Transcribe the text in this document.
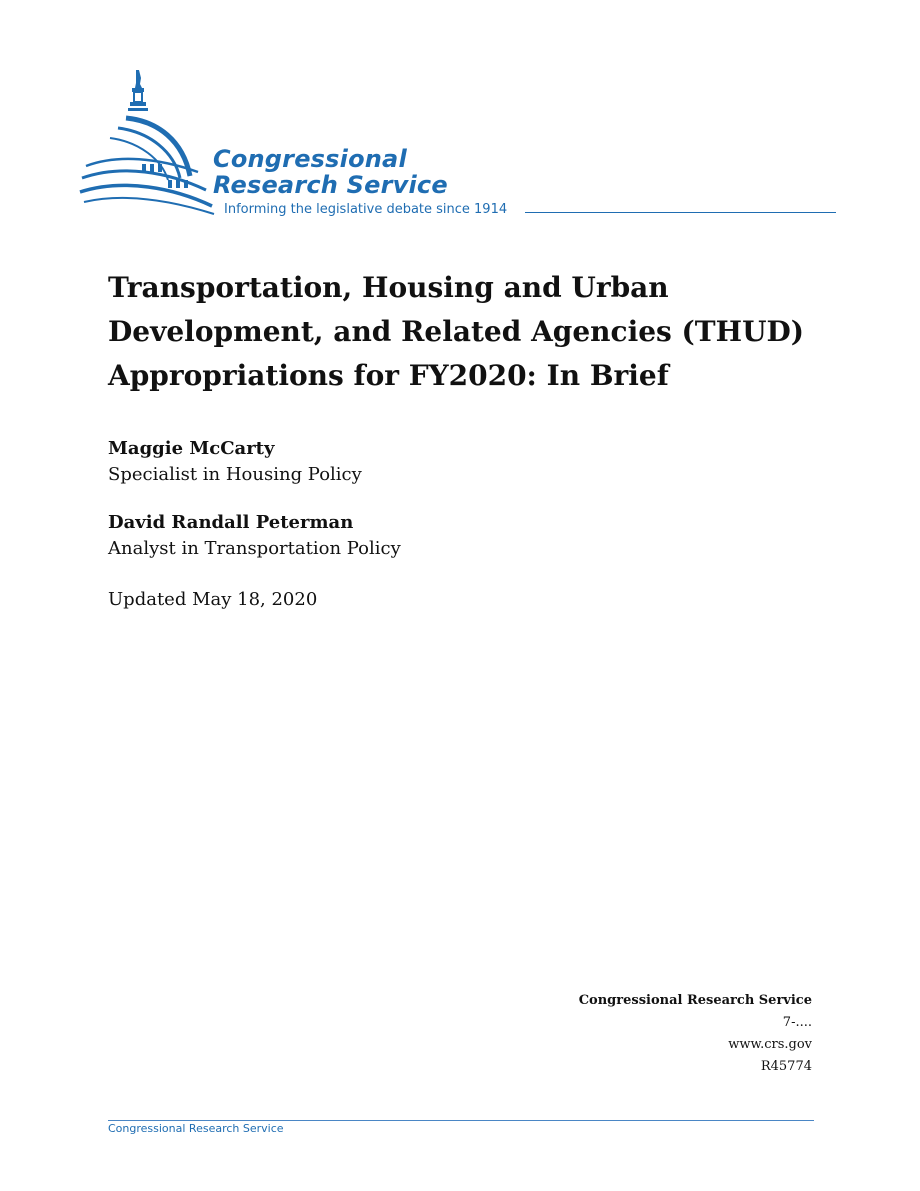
Congressional
Research Service
Informing the legislative debate since 1914
Transportation, Housing and Urban
Development, and Related Agencies (THUD)
Appropriations for FY2020: In Brief
Maggie McCarty
Specialist in Housing Policy
David Randall Peterman
Analyst in Transportation Policy
Updated May 18, 2020
Congressional Research Service
7-....
www.crs.gov
R45774
Congressional Research Service
